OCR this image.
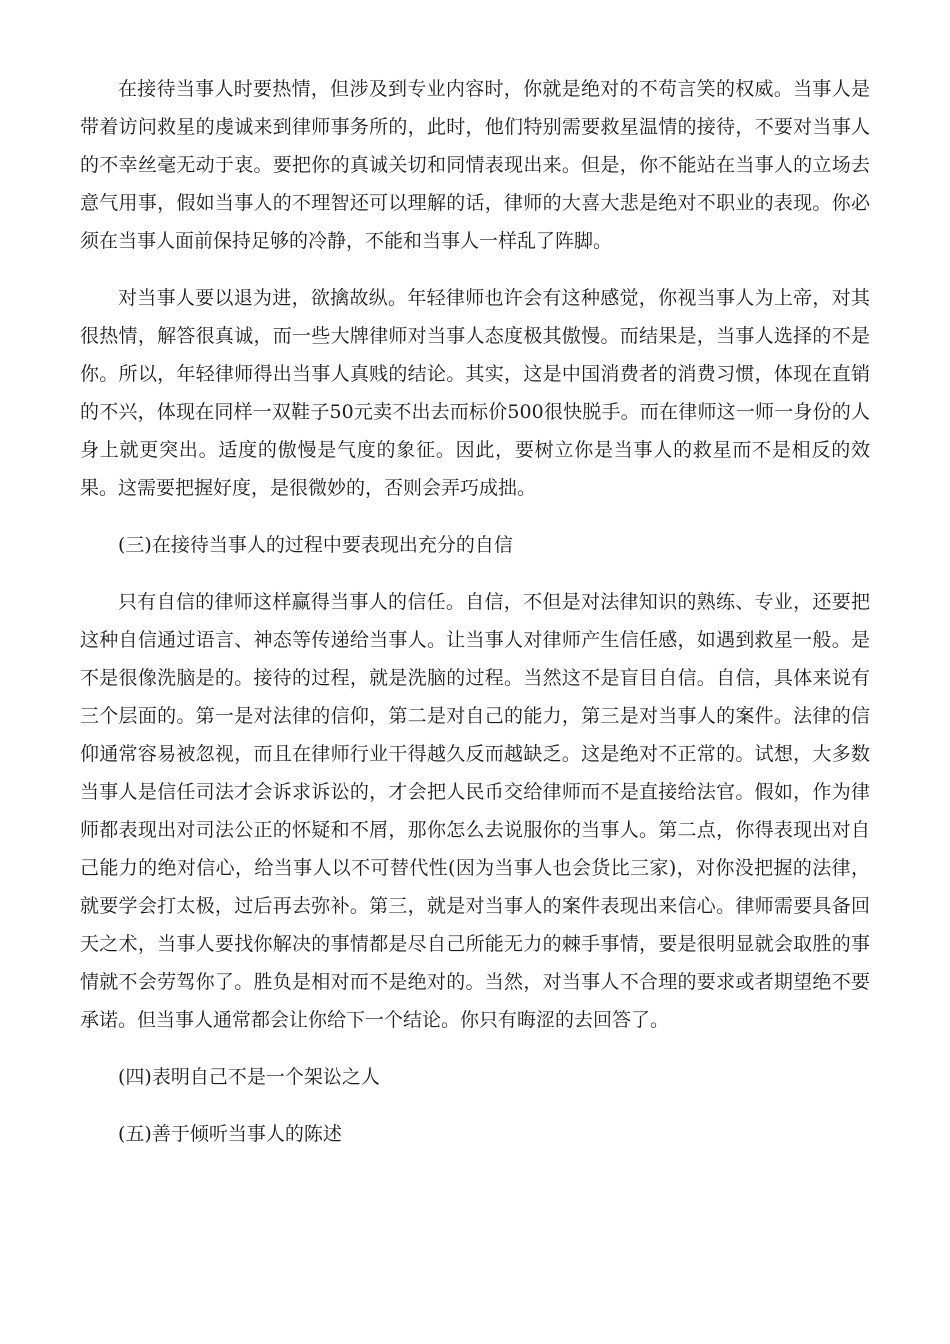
在接待当事人时要热情，但涉及到专业内容时，你就是绝对的不苟言笑的权威。当事人是带着访问救星的虔诚来到律师事务所的，此时，他们特别需要救星温情的接待，不要对当事人的不幸丝毫无动于衷。要把你的真诚关切和同情表现出来。但是，你不能站在当事人的立场去意气用事，假如当事人的不理智还可以理解的话，律师的大喜大悲是绝对不职业的表现。你必须在当事人面前保持足够的冷静，不能和当事人一样乱了阵脚。

对当事人要以退为进，欲擒故纵。年轻律师也许会有这种感觉，你视当事人为上帝，对其很热情，解答很真诚，而一些大牌律师对当事人态度极其傲慢。而结果是，当事人选择的不是你。所以，年轻律师得出当事人真贱的结论。其实，这是中国消费者的消费习惯，体现在直销的不兴，体现在同样一双鞋子50元卖不出去而标价500很快脱手。而在律师这一师一身份的人身上就更突出。适度的傲慢是气度的象征。因此，要树立你是当事人的救星而不是相反的效果。这需要把握好度，是很微妙的，否则会弄巧成拙。

(三)在接待当事人的过程中要表现出充分的自信

只有自信的律师这样赢得当事人的信任。自信，不但是对法律知识的熟练、专业，还要把这种自信通过语言、神态等传递给当事人。让当事人对律师产生信任感，如遇到救星一般。是不是很像洗脑是的。接待的过程，就是洗脑的过程。当然这不是盲目自信。自信，具体来说有三个层面的。第一是对法律的信仰，第二是对自己的能力，第三是对当事人的案件。法律的信仰通常容易被忽视，而且在律师行业干得越久反而越缺乏。这是绝对不正常的。试想，大多数当事人是信任司法才会诉求诉讼的，才会把人民币交给律师而不是直接给法官。假如，作为律师都表现出对司法公正的怀疑和不屑，那你怎么去说服你的当事人。第二点，你得表现出对自己能力的绝对信心，给当事人以不可替代性(因为当事人也会货比三家)，对你没把握的法律，就要学会打太极，过后再去弥补。第三，就是对当事人的案件表现出来信心。律师需要具备回天之术，当事人要找你解决的事情都是尽自己所能无力的棘手事情，要是很明显就会取胜的事情就不会劳驾你了。胜负是相对而不是绝对的。当然，对当事人不合理的要求或者期望绝不要承诺。但当事人通常都会让你给下一个结论。你只有晦涩的去回答了。

(四)表明自己不是一个架讼之人

(五)善于倾听当事人的陈述
